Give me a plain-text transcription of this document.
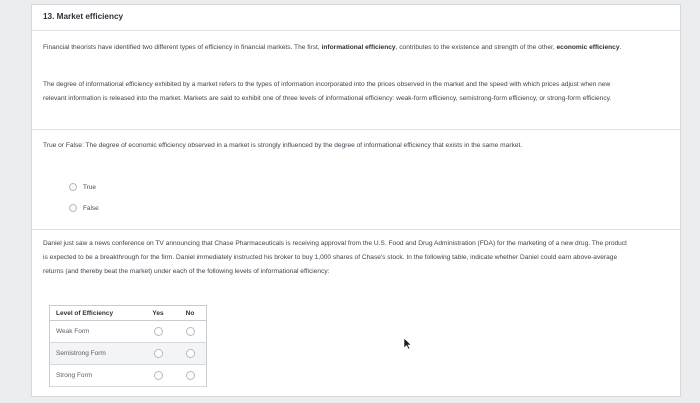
13. Market efficiency
Financial theorists have identified two different types of efficiency in financial markets. The first, informational efficiency, contributes to the existence and strength of the other, economic efficiency.
The degree of informational efficiency exhibited by a market refers to the types of information incorporated into the prices observed in the market and the speed with which prices adjust when new relevant information is released into the market. Markets are said to exhibit one of three levels of informational efficiency: weak-form efficiency, semistrong-form efficiency, or strong-form efficiency.
True or False: The degree of economic efficiency observed in a market is strongly influenced by the degree of informational efficiency that exists in the same market.
True
False
Daniel just saw a news conference on TV announcing that Chase Pharmaceuticals is receiving approval from the U.S. Food and Drug Administration (FDA) for the marketing of a new drug. The product is expected to be a breakthrough for the firm. Daniel immediately instructed his broker to buy 1,000 shares of Chase's stock. In the following table, indicate whether Daniel could earn above-average returns (and thereby beat the market) under each of the following levels of informational efficiency:
Level of Efficiency	Yes	No
Weak Form		
Semistrong Form		
Strong Form		
